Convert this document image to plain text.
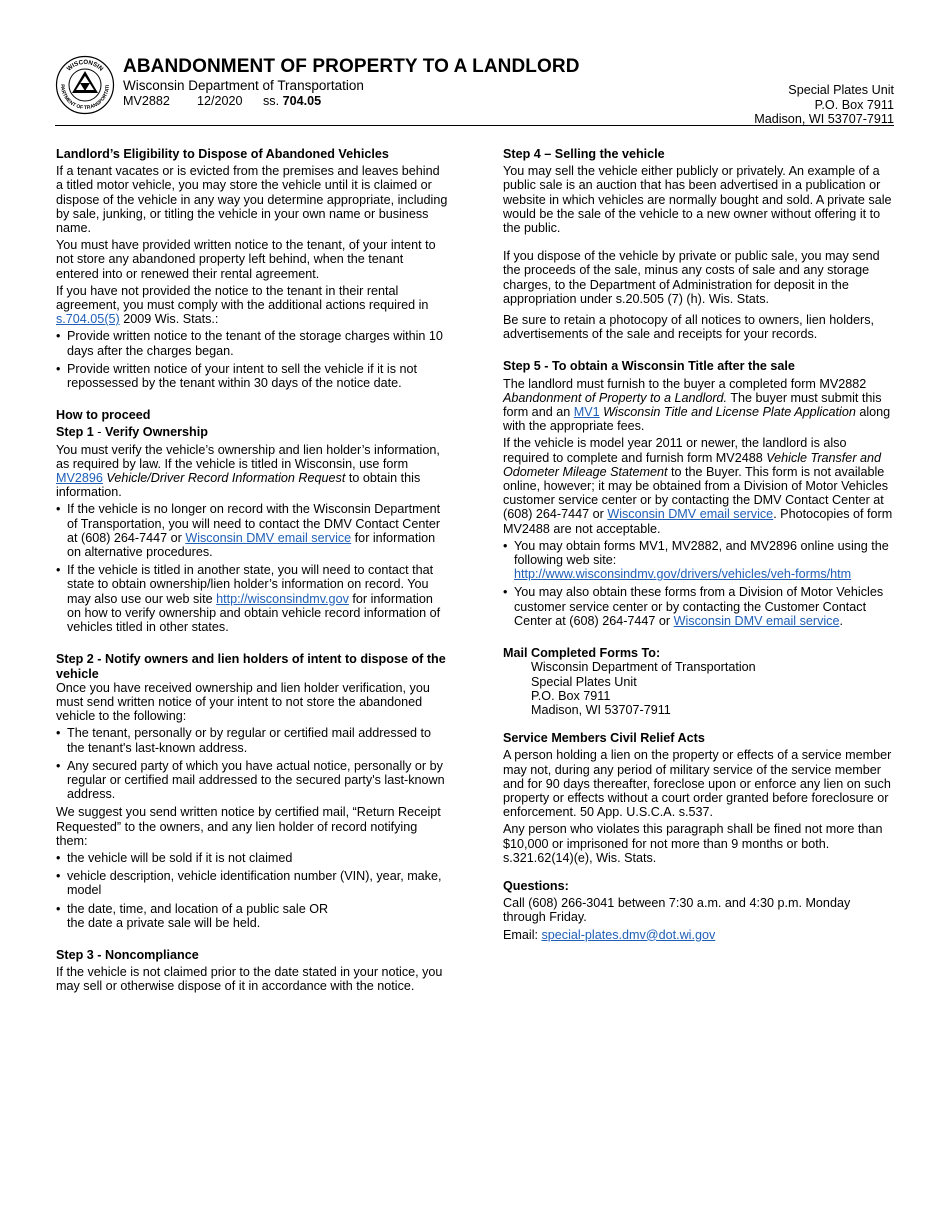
WISCONSIN
PARTMENT OF TRANSPORTATI
ABANDONMENT OF PROPERTY TO A LANDLORD
Wisconsin Department of Transportation
MV2882 12/2020 ss. 704.05
Special Plates Unit
P.O. Box 7911
Madison, WI 53707-7911

Landlord’s Eligibility to Dispose of Abandoned Vehicles

If a tenant vacates or is evicted from the premises and leaves behind a titled motor vehicle, you may store the vehicle until it is claimed or dispose of the vehicle in any way you determine appropriate, including by sale, junking, or titling the vehicle in your own name or business name.

You must have provided written notice to the tenant, of your intent to not store any abandoned property left behind, when the tenant entered into or renewed their rental agreement.

If you have not provided the notice to the tenant in their rental agreement, you must comply with the additional actions required in s.704.05(5) 2009 Wis. Stats.:

• Provide written notice to the tenant of the storage charges within 10 days after the charges began.
• Provide written notice of your intent to sell the vehicle if it is not repossessed by the tenant within 30 days of the notice date.

How to proceed

Step 1 - Verify Ownership

You must verify the vehicle’s ownership and lien holder’s information, as required by law. If the vehicle is titled in Wisconsin, use form MV2896 Vehicle/Driver Record Information Request to obtain this information.

• If the vehicle is no longer on record with the Wisconsin Department of Transportation, you will need to contact the DMV Contact Center at (608) 264-7447 or Wisconsin DMV email service for information on alternative procedures.
• If the vehicle is titled in another state, you will need to contact that state to obtain ownership/lien holder’s information on record. You may also use our web site http://wisconsindmv.gov for information on how to verify ownership and obtain vehicle record information of vehicles titled in other states.

Step 2 - Notify owners and lien holders of intent to dispose of the vehicle

Once you have received ownership and lien holder verification, you must send written notice of your intent to not store the abandoned vehicle to the following:

• The tenant, personally or by regular or certified mail addressed to the tenant's last-known address.
• Any secured party of which you have actual notice, personally or by regular or certified mail addressed to the secured party's last-known address.

We suggest you send written notice by certified mail, “Return Receipt Requested” to the owners, and any lien holder of record notifying them:

• the vehicle will be sold if it is not claimed
• vehicle description, vehicle identification number (VIN), year, make, model
• the date, time, and location of a public sale OR
the date a private sale will be held.

Step 3 - Noncompliance

If the vehicle is not claimed prior to the date stated in your notice, you may sell or otherwise dispose of it in accordance with the notice.

Step 4 – Selling the vehicle

You may sell the vehicle either publicly or privately. An example of a public sale is an auction that has been advertised in a publication or website in which vehicles are normally bought and sold. A private sale would be the sale of the vehicle to a new owner without offering it to the public.

If you dispose of the vehicle by private or public sale, you may send the proceeds of the sale, minus any costs of sale and any storage charges, to the Department of Administration for deposit in the appropriation under s.20.505 (7) (h). Wis. Stats.

Be sure to retain a photocopy of all notices to owners, lien holders, advertisements of the sale and receipts for your records.

Step 5 - To obtain a Wisconsin Title after the sale

The landlord must furnish to the buyer a completed form MV2882 Abandonment of Property to a Landlord. The buyer must submit this form and an MV1 Wisconsin Title and License Plate Application along with the appropriate fees.

If the vehicle is model year 2011 or newer, the landlord is also required to complete and furnish form MV2488 Vehicle Transfer and Odometer Mileage Statement to the Buyer. This form is not available online, however; it may be obtained from a Division of Motor Vehicles customer service center or by contacting the DMV Contact Center at (608) 264-7447 or Wisconsin DMV email service. Photocopies of form MV2488 are not acceptable.

• You may obtain forms MV1, MV2882, and MV2896 online using the following web site: http://www.wisconsindmv.gov/drivers/vehicles/veh-forms/htm
• You may also obtain these forms from a Division of Motor Vehicles customer service center or by contacting the Customer Contact Center at (608) 264-7447 or Wisconsin DMV email service.

Mail Completed Forms To:

Wisconsin Department of Transportation
Special Plates Unit
P.O. Box 7911
Madison, WI 53707-7911

Service Members Civil Relief Acts

A person holding a lien on the property or effects of a service member may not, during any period of military service of the service member and for 90 days thereafter, foreclose upon or enforce any lien on such property or effects without a court order granted before foreclosure or enforcement. 50 App. U.S.C.A. s.537.

Any person who violates this paragraph shall be fined not more than $10,000 or imprisoned for not more than 9 months or both. s.321.62(14)(e), Wis. Stats.

Questions:

Call (608) 266-3041 between 7:30 a.m. and 4:30 p.m. Monday through Friday.

Email: special-plates.dmv@dot.wi.gov
